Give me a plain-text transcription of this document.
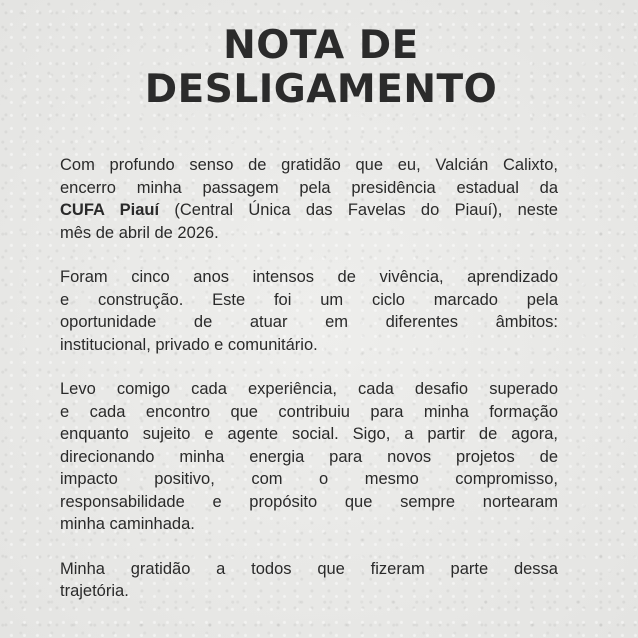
NOTA DE
DESLIGAMENTO

Com profundo senso de gratidão que eu, Valcián Calixto,
encerro minha passagem pela presidência estadual da
CUFA Piauí (Central Única das Favelas do Piauí), neste
mês de abril de 2026.

Foram cinco anos intensos de vivência, aprendizado
e construção. Este foi um ciclo marcado pela
oportunidade de atuar em diferentes âmbitos:
institucional, privado e comunitário.

Levo comigo cada experiência, cada desafio superado
e cada encontro que contribuiu para minha formação
enquanto sujeito e agente social. Sigo, a partir de agora,
direcionando minha energia para novos projetos de
impacto positivo, com o mesmo compromisso,
responsabilidade e propósito que sempre nortearam
minha caminhada.

Minha gratidão a todos que fizeram parte dessa
trajetória.
